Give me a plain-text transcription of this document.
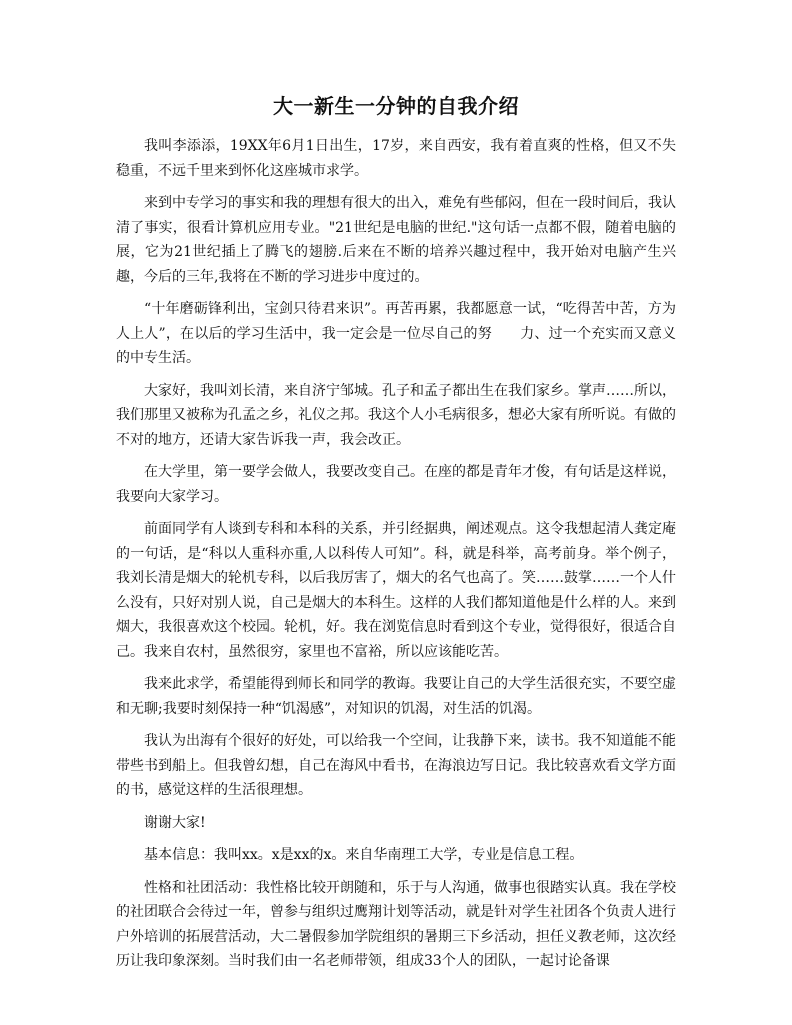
大一新生一分钟的自我介绍

我叫李添添，19XX年6月1日出生，17岁，来自西安，我有着直爽的性格，但又不失稳重，不远千里来到怀化这座城市求学。

来到中专学习的事实和我的理想有很大的出入，难免有些郁闷，但在一段时间后，我认清了事实，很看计算机应用专业。"21世纪是电脑的世纪."这句话一点都不假，随着电脑的展，它为21世纪插上了腾飞的翅膀.后来在不断的培养兴趣过程中，我开始对电脑产生兴趣，今后的三年,我将在不断的学习进步中度过的。

“十年磨砺锋利出，宝剑只待君来识”。再苦再累，我都愿意一试，“吃得苦中苦，方为人上人”，在以后的学习生活中，我一定会是一位尽自己的努　　力、过一个充实而又意义的中专生活。

大家好，我叫刘长清，来自济宁邹城。孔子和孟子都出生在我们家乡。掌声……所以，我们那里又被称为孔孟之乡，礼仪之邦。我这个人小毛病很多，想必大家有所听说。有做的不对的地方，还请大家告诉我一声，我会改正。

在大学里，第一要学会做人，我要改变自己。在座的都是青年才俊，有句话是这样说，我要向大家学习。

前面同学有人谈到专科和本科的关系，并引经据典，阐述观点。这令我想起清人龚定庵的一句话，是“科以人重科亦重,人以科传人可知”。科，就是科举，高考前身。举个例子，我刘长清是烟大的轮机专科，以后我厉害了，烟大的名气也高了。笑……鼓掌……一个人什么没有，只好对别人说，自己是烟大的本科生。这样的人我们都知道他是什么样的人。来到烟大，我很喜欢这个校园。轮机，好。我在浏览信息时看到这个专业，觉得很好，很适合自己。我来自农村，虽然很穷，家里也不富裕，所以应该能吃苦。

我来此求学，希望能得到师长和同学的教诲。我要让自己的大学生活很充实，不要空虚和无聊;我要时刻保持一种“饥渴感”，对知识的饥渴，对生活的饥渴。

我认为出海有个很好的好处，可以给我一个空间，让我静下来，读书。我不知道能不能带些书到船上。但我曾幻想，自己在海风中看书，在海浪边写日记。我比较喜欢看文学方面的书，感觉这样的生活很理想。

谢谢大家!

基本信息：我叫xx。x是xx的x。来自华南理工大学，专业是信息工程。

性格和社团活动：我性格比较开朗随和，乐于与人沟通，做事也很踏实认真。我在学校的社团联合会待过一年，曾参与组织过鹰翔计划等活动，就是针对学生社团各个负责人进行户外培训的拓展营活动，大二暑假参加学院组织的暑期三下乡活动，担任义教老师，这次经历让我印象深刻。当时我们由一名老师带领，组成33个人的团队，一起讨论备课
